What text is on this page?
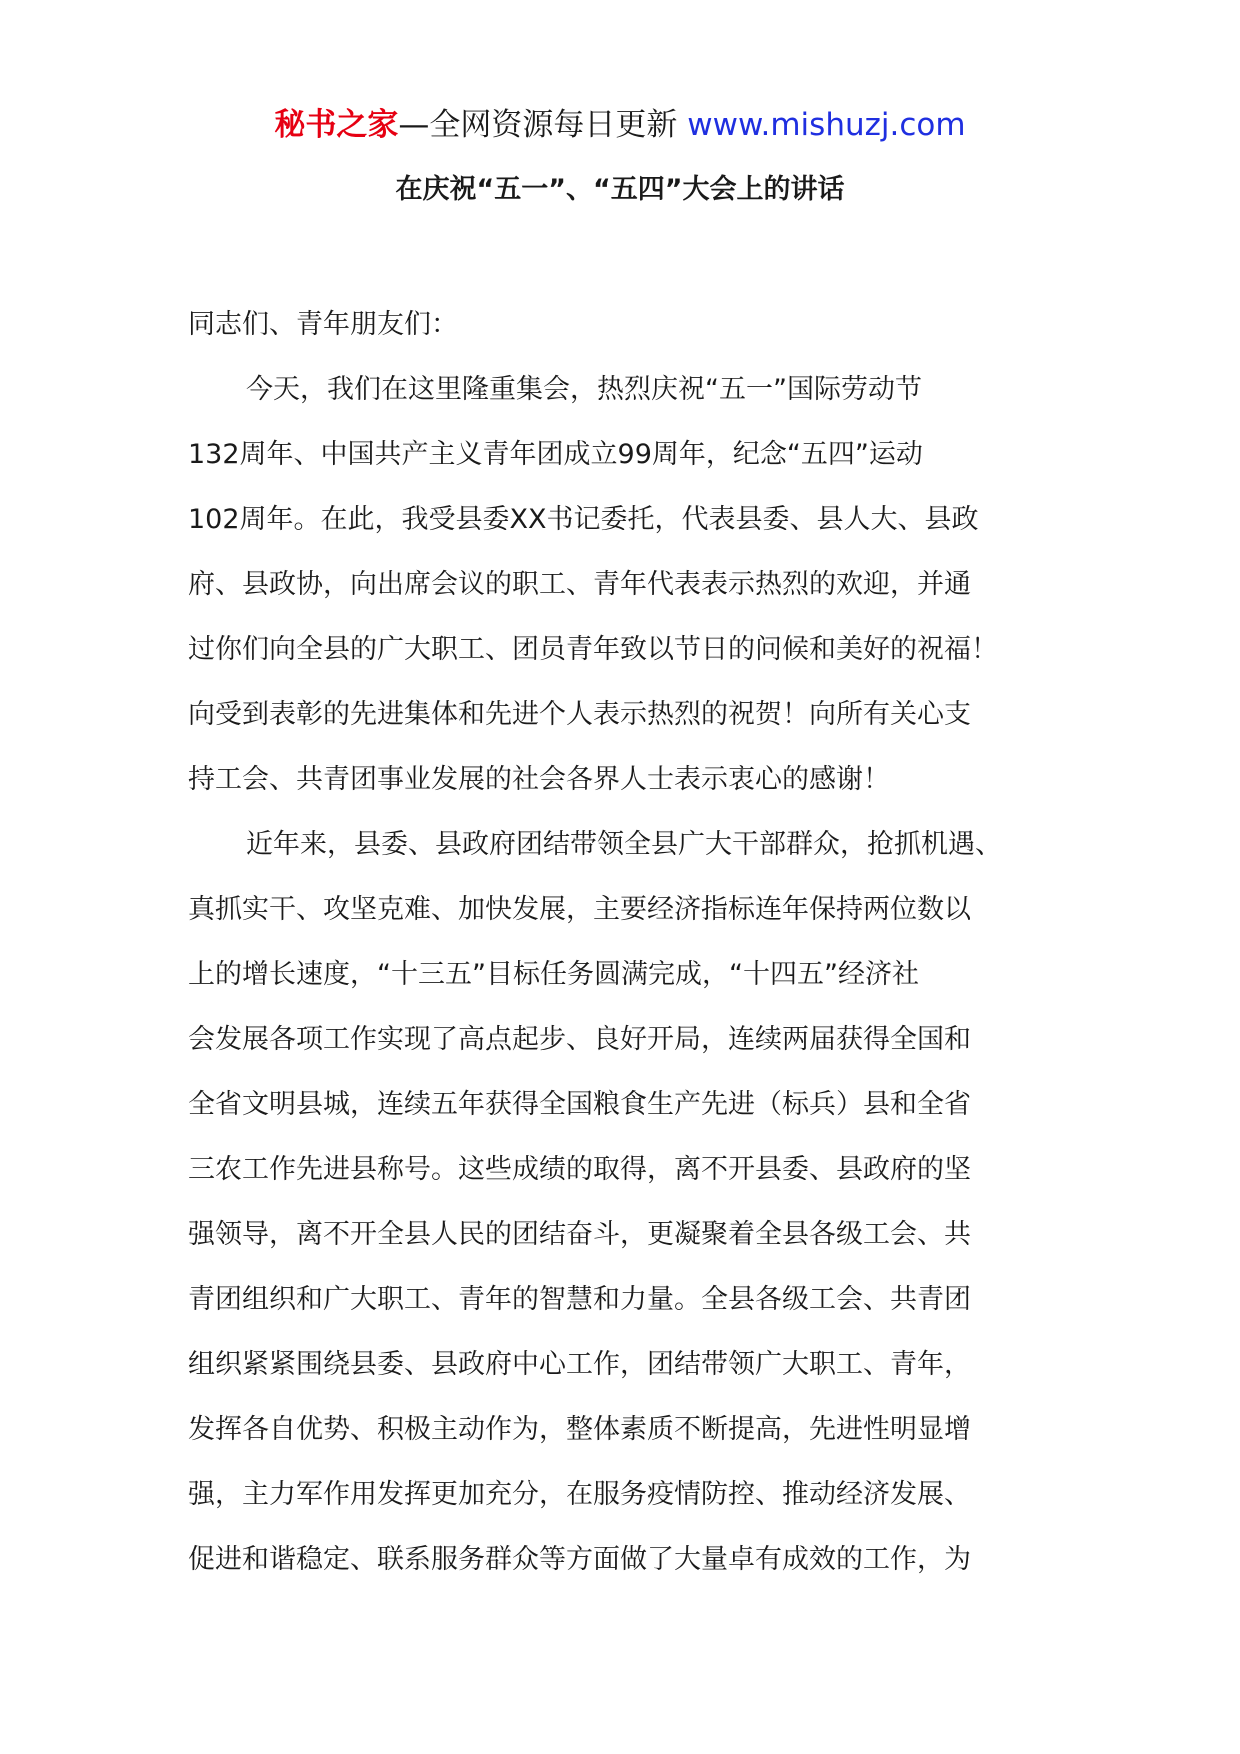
秘书之家—全网资源每日更新 www.mishuzj.com
在庆祝“五一”、“五四”大会上的讲话
同志们、青年朋友们：
今天，我们在这里隆重集会，热烈庆祝“五一”国际劳动节
132周年、中国共产主义青年团成立99周年，纪念“五四”运动
102周年。在此，我受县委XX书记委托，代表县委、县人大、县政
府、县政协，向出席会议的职工、青年代表表示热烈的欢迎，并通
过你们向全县的广大职工、团员青年致以节日的问候和美好的祝福！
向受到表彰的先进集体和先进个人表示热烈的祝贺！向所有关心支
持工会、共青团事业发展的社会各界人士表示衷心的感谢！
近年来，县委、县政府团结带领全县广大干部群众，抢抓机遇、
真抓实干、攻坚克难、加快发展，主要经济指标连年保持两位数以
上的增长速度，“十三五”目标任务圆满完成，“十四五”经济社
会发展各项工作实现了高点起步、良好开局，连续两届获得全国和
全省文明县城，连续五年获得全国粮食生产先进（标兵）县和全省
三农工作先进县称号。这些成绩的取得，离不开县委、县政府的坚
强领导，离不开全县人民的团结奋斗，更凝聚着全县各级工会、共
青团组织和广大职工、青年的智慧和力量。全县各级工会、共青团
组织紧紧围绕县委、县政府中心工作，团结带领广大职工、青年，
发挥各自优势、积极主动作为，整体素质不断提高，先进性明显增
强，主力军作用发挥更加充分，在服务疫情防控、推动经济发展、
促进和谐稳定、联系服务群众等方面做了大量卓有成效的工作，为
